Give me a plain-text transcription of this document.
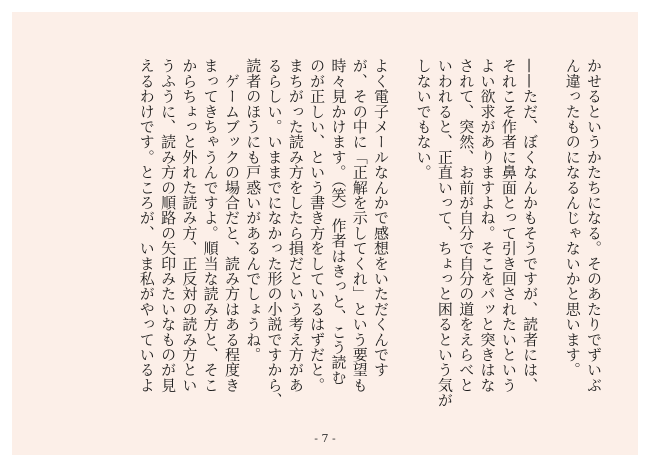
かせるというかたちになる。そのあたりでずいぶ
ん違ったものになるんじゃないかと思います。
——ただ、ぼくなんかもそうですが、読者には、
それこそ作者に鼻面とって引き回されたいという
よい欲求がありますよね。そこをパッと突きはな
されて、突然、お前が自分で自分の道をえらべと
いわれると、正直いって、ちょっと困るという気が
しないでもない。
よく電子メールなんかで感想をいただくんです
が、その中に「正解を示してくれ」という要望も
時々見かけます。（笑）作者はきっと、こう読む
のが正しい、という書き方をしているはずだと。
まちがった読み方をしたら損だという考え方があ
るらしい。いままでになかった形の小説ですから、
読者のほうにも戸惑いがあるんでしょうね。
　ゲームブックの場合だと、読み方はある程度き
まってきちゃうんですよ。順当な読み方と、そこ
からちょっと外れた読み方、正反対の読み方とい
うふうに、読み方の順路の矢印みたいなものが見
えるわけです。ところが、いま私がやっているよ
- 7 -
